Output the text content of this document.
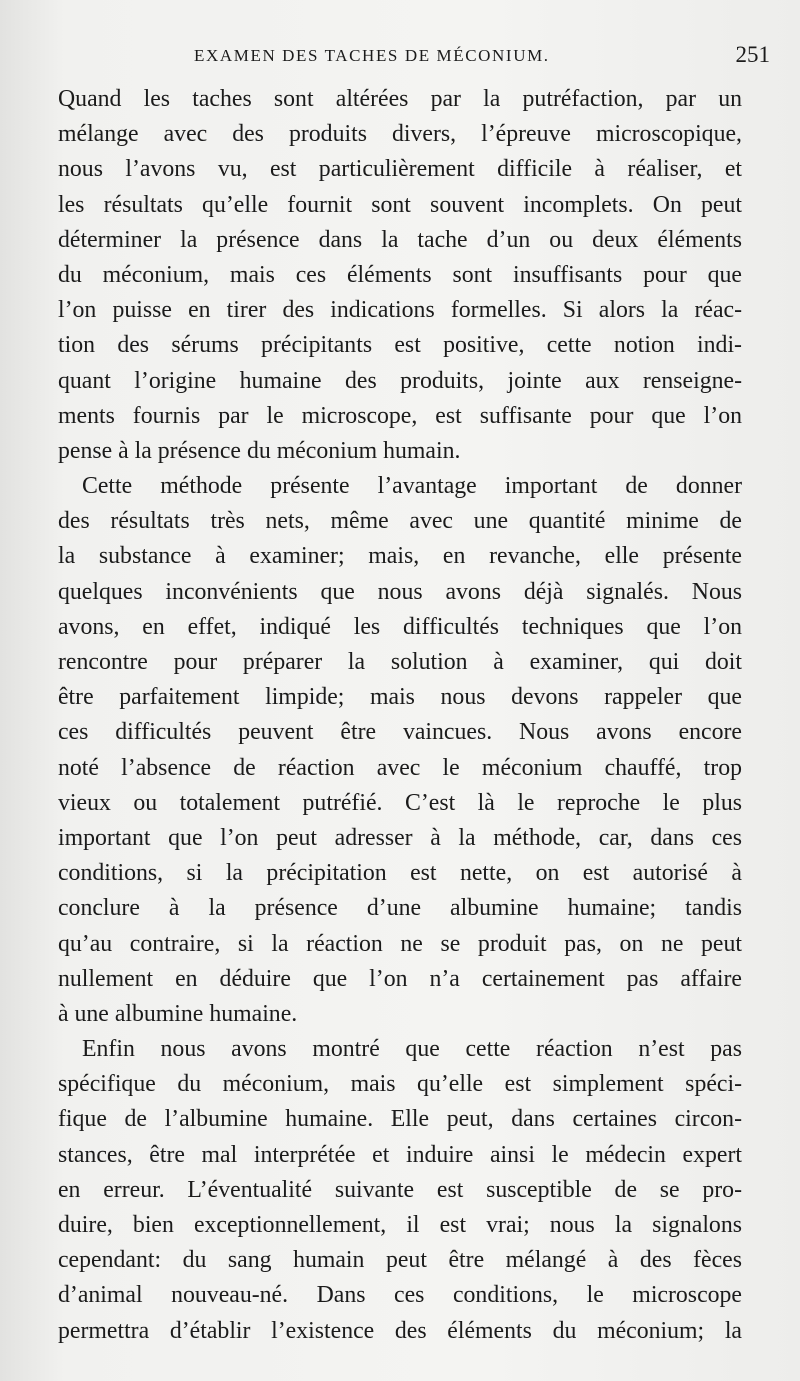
EXAMEN DES TACHES DE MÉCONIUM.	251
Quand les taches sont altérées par la putréfaction, par un
mélange avec des produits divers, l’épreuve microscopique,
nous l’avons vu, est particulièrement difficile à réaliser, et
les résultats qu’elle fournit sont souvent incomplets. On peut
déterminer la présence dans la tache d’un ou deux éléments
du méconium, mais ces éléments sont insuffisants pour que
l’on puisse en tirer des indications formelles. Si alors la réac-
tion des sérums précipitants est positive, cette notion indi-
quant l’origine humaine des produits, jointe aux renseigne-
ments fournis par le microscope, est suffisante pour que l’on
pense à la présence du méconium humain.
Cette méthode présente l’avantage important de donner
des résultats très nets, même avec une quantité minime de
la substance à examiner; mais, en revanche, elle présente
quelques inconvénients que nous avons déjà signalés. Nous
avons, en effet, indiqué les difficultés techniques que l’on
rencontre pour préparer la solution à examiner, qui doit
être parfaitement limpide; mais nous devons rappeler que
ces difficultés peuvent être vaincues. Nous avons encore
noté l’absence de réaction avec le méconium chauffé, trop
vieux ou totalement putréfié. C’est là le reproche le plus
important que l’on peut adresser à la méthode, car, dans ces
conditions, si la précipitation est nette, on est autorisé à
conclure à la présence d’une albumine humaine; tandis
qu’au contraire, si la réaction ne se produit pas, on ne peut
nullement en déduire que l’on n’a certainement pas affaire
à une albumine humaine.
Enfin nous avons montré que cette réaction n’est pas
spécifique du méconium, mais qu’elle est simplement spéci-
fique de l’albumine humaine. Elle peut, dans certaines circon-
stances, être mal interprétée et induire ainsi le médecin expert
en erreur. L’éventualité suivante est susceptible de se pro-
duire, bien exceptionnellement, il est vrai; nous la signalons
cependant: du sang humain peut être mélangé à des fèces
d’animal nouveau-né. Dans ces conditions, le microscope
permettra d’établir l’existence des éléments du méconium; la
